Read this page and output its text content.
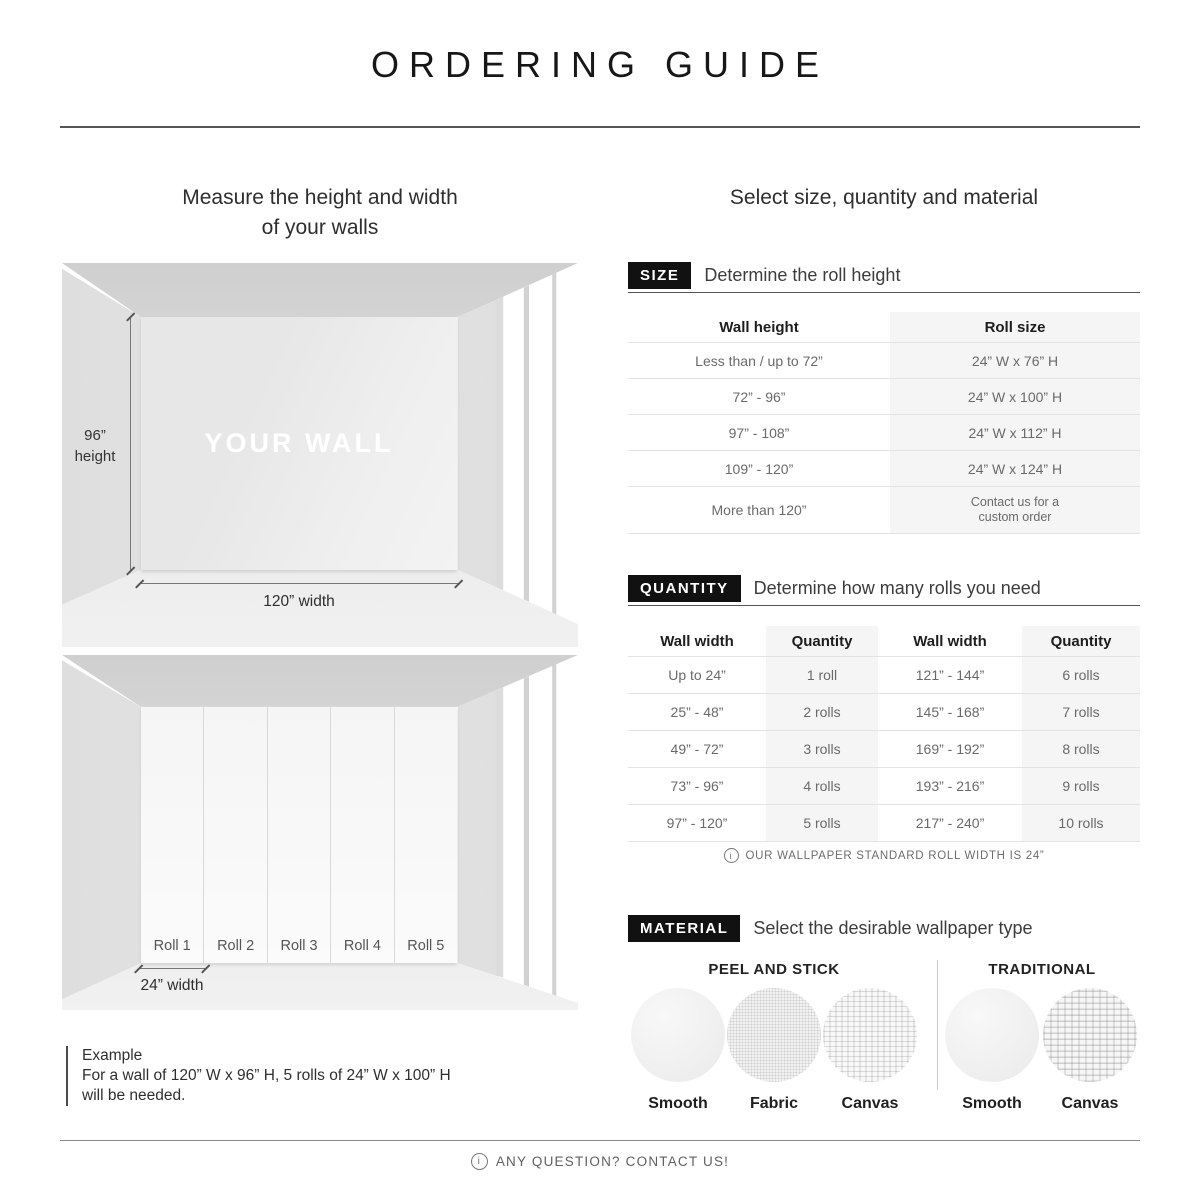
ORDERING GUIDE
Measure the height and width
of your walls
YOUR WALL
96”
height
120” width
Roll 1 Roll 2 Roll 3 Roll 4 Roll 5
24” width
Example
For a wall of 120” W x 96” H, 5 rolls of 24” W x 100” H
will be needed.
Select size, quantity and material
SIZE	Determine the roll height
Wall height	Roll size
Less than / up to 72”	24” W x 76” H
72” - 96”	24” W x 100” H
97” - 108”	24” W x 112” H
109” - 120”	24” W x 124” H
More than 120”	Contact us for a
custom order
QUANTITY	Determine how many rolls you need
Wall width	Quantity	Wall width	Quantity
Up to 24”	1 roll	121” - 144”	6 rolls
25” - 48”	2 rolls	145” - 168”	7 rolls
49” - 72”	3 rolls	169” - 192”	8 rolls
73” - 96”	4 rolls	193” - 216”	9 rolls
97” - 120”	5 rolls	217” - 240”	10 rolls
i
OUR WALLPAPER STANDARD ROLL WIDTH IS 24”
MATERIAL	Select the desirable wallpaper type
PEEL AND STICK	TRADITIONAL
Smooth	Fabric	Canvas	Smooth Canvas
i
ANY QUESTION? CONTACT US!
